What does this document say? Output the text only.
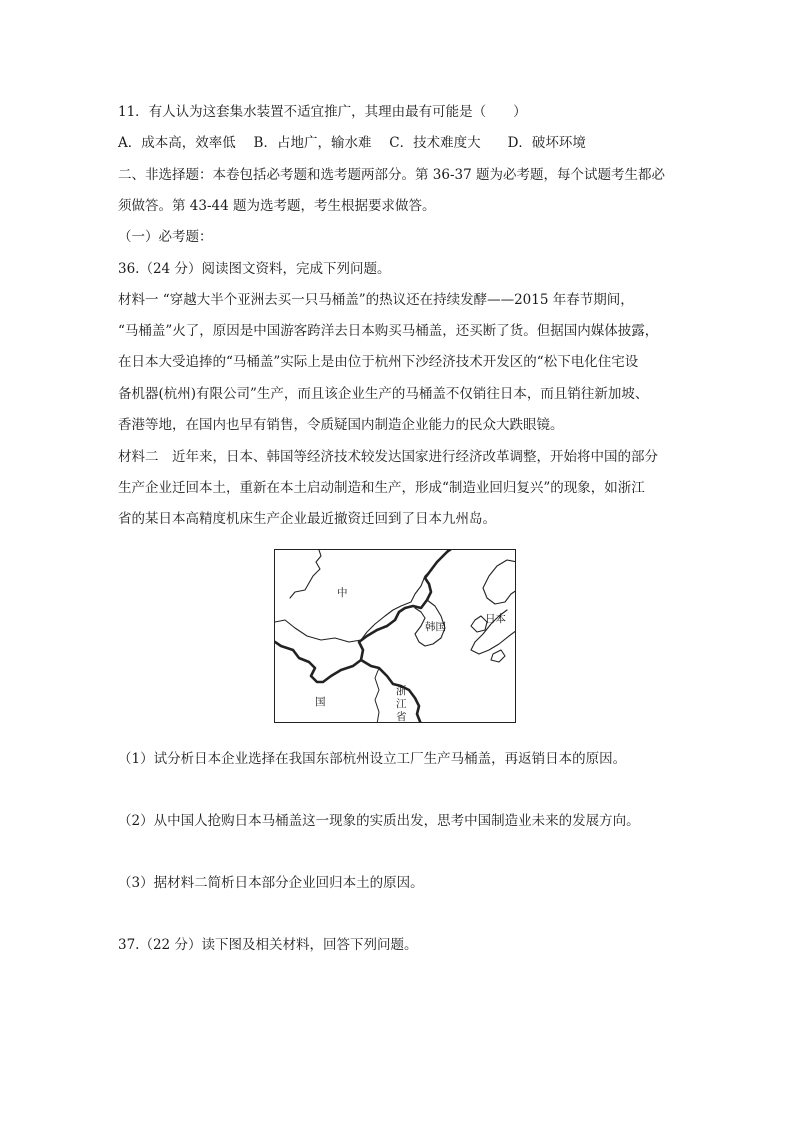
11．有人认为这套集水装置不适宜推广，其理由最有可能是（　　）
A．成本高，效率低　 B．占地广，输水难　 C．技术难度大　　D．破坏环境
二、非选择题：本卷包括必考题和选考题两部分。第 36-37 题为必考题，每个试题考生都必
须做答。第 43-44 题为选考题，考生根据要求做答。
（一）必考题：
36.（24 分）阅读图文资料，完成下列问题。
材料一 “穿越大半个亚洲去买一只马桶盖”的热议还在持续发酵——2015 年春节期间，
“马桶盖”火了，原因是中国游客跨洋去日本购买马桶盖，还买断了货。但据国内媒体披露，
在日本大受追捧的“马桶盖”实际上是由位于杭州下沙经济技术开发区的“松下电化住宅设
备机器(杭州)有限公司”生产，而且该企业生产的马桶盖不仅销往日本，而且销往新加坡、
香港等地，在国内也早有销售，令质疑国内制造企业能力的民众大跌眼镜。
材料二　近年来，日本、韩国等经济技术较发达国家进行经济改革调整，开始将中国的部分
生产企业迁回本土，重新在本土启动制造和生产，形成“制造业回归复兴”的现象，如浙江
省的某日本高精度机床生产企业最近撤资迁回到了日本九州岛。
中
国
韩国
日本
浙
江
省
（1）试分析日本企业选择在我国东部杭州设立工厂生产马桶盖，再返销日本的原因。
（2）从中国人抢购日本马桶盖这一现象的实质出发，思考中国制造业未来的发展方向。
（3）据材料二简析日本部分企业回归本土的原因。
37.（22 分）读下图及相关材料，回答下列问题。
